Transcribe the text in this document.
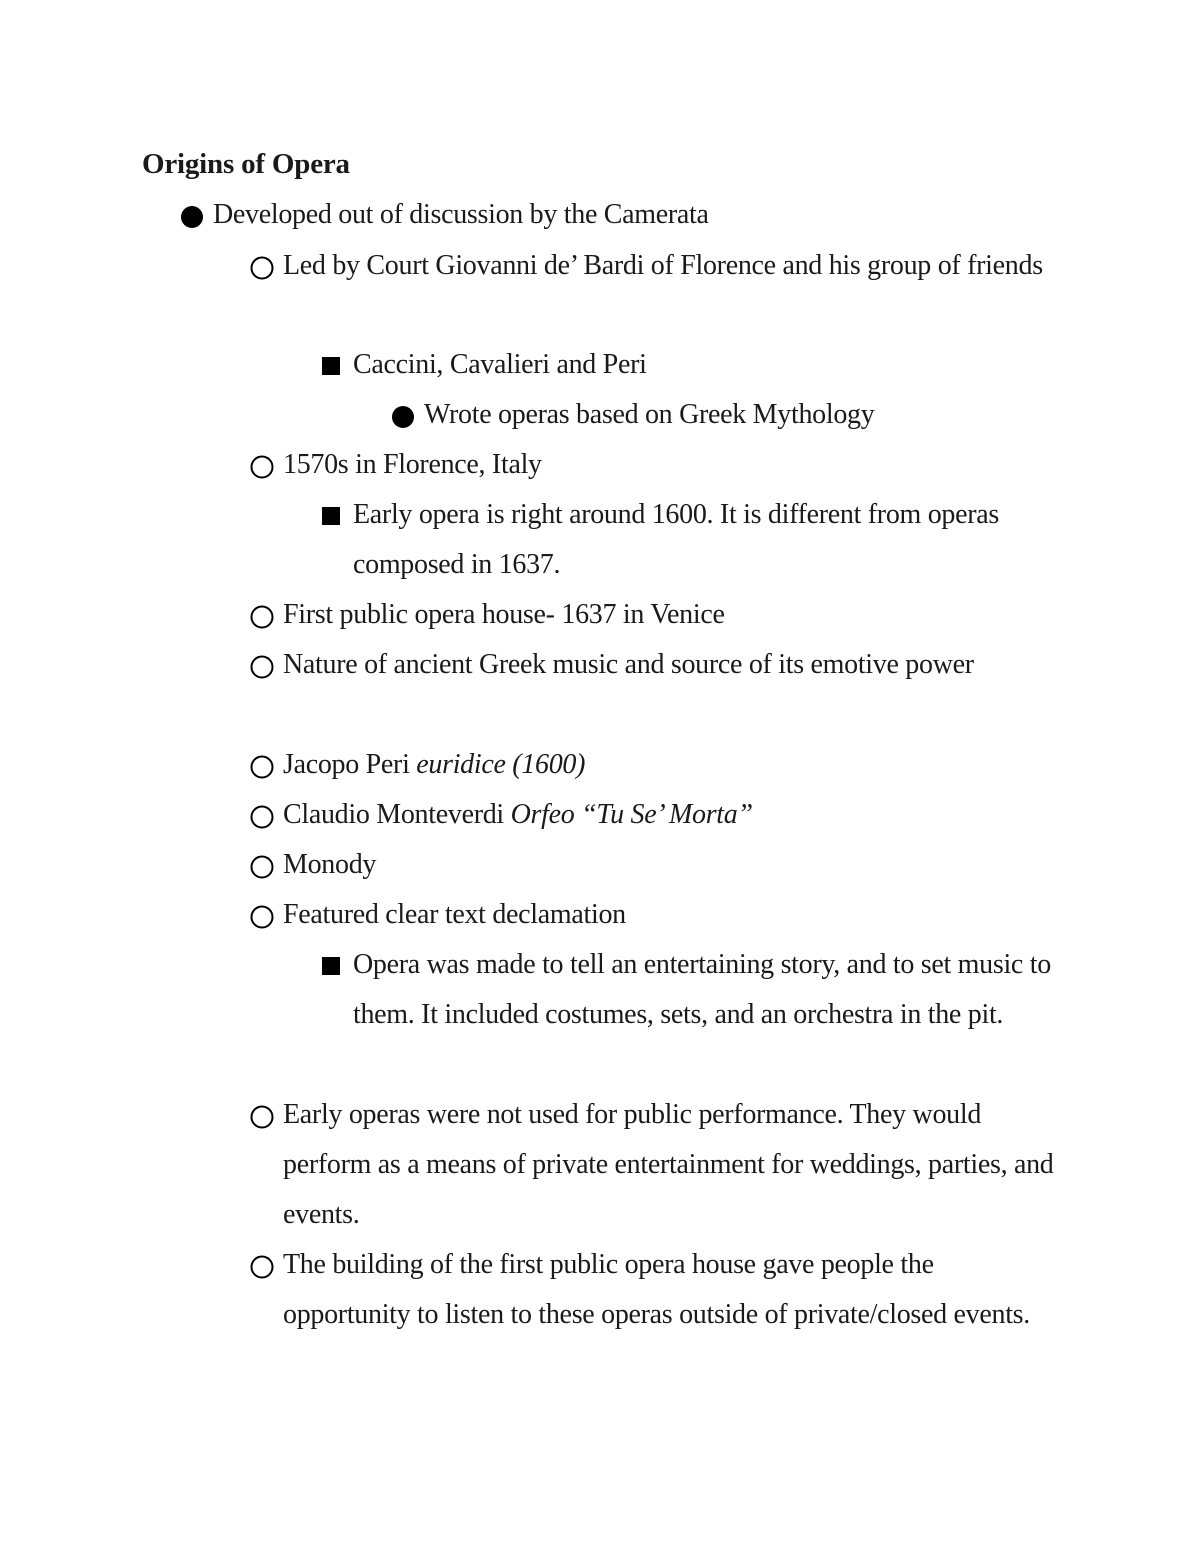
Origins of Opera
Developed out of discussion by the Camerata
Led by Court Giovanni de’ Bardi of Florence and his group of friends
Caccini, Cavalieri and Peri
Wrote operas based on Greek Mythology
1570s in Florence, Italy
Early opera is right around 1600. It is different from operas composed in 1637.
First public opera house- 1637 in Venice
Nature of ancient Greek music and source of its emotive power
Jacopo Peri euridice (1600)
Claudio Monteverdi Orfeo “Tu Se’ Morta”
Monody
Featured clear text declamation
Opera was made to tell an entertaining story, and to set music to them. It included costumes, sets, and an orchestra in the pit.
Early operas were not used for public performance. They would perform as a means of private entertainment for weddings, parties, and events.
The building of the first public opera house gave people the opportunity to listen to these operas outside of private/closed events.
